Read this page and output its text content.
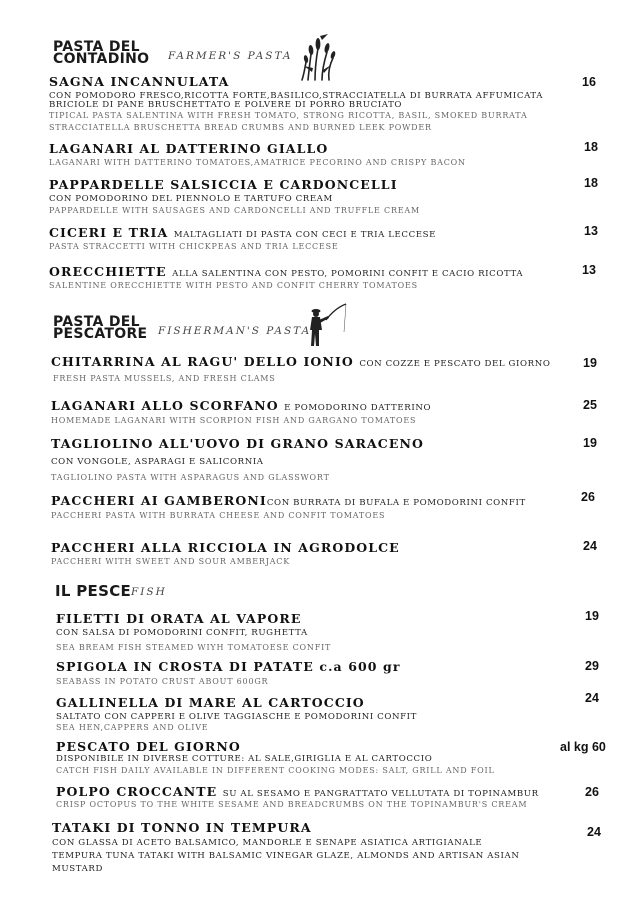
PASTA DEL
CONTADINO FARMER'S PASTA
SAGNA INCANNULATA
CON POMODORO FRESCO,RICOTTA FORTE,BASILICO,STRACCIATELLA DI BURRATA AFFUMICATA
BRICIOLE DI PANE BRUSCHETTATO E POLVERE DI PORRO BRUCIATO
TIPICAL PASTA SALENTINA WITH FRESH TOMATO, STRONG RICOTTA, BASIL, SMOKED BURRATA
STRACCIATELLA BRUSCHETTA BREAD CRUMBS AND BURNED LEEK POWDER
16
LAGANARI AL DATTERINO GIALLO
LAGANARI WITH DATTERINO TOMATOES,AMATRICE PECORINO AND CRISPY BACON
18
PAPPARDELLE SALSICCIA E CARDONCELLI
CON POMODORINO DEL PIENNOLO E TARTUFO CREAM
PAPPARDELLE WITH SAUSAGES AND CARDONCELLI AND TRUFFLE CREAM
18
CICERI E TRIA MALTAGLIATI DI PASTA CON CECI E TRIA LECCESE
PASTA STRACCETTI WITH CHICKPEAS AND TRIA LECCESE
13
ORECCHIETTE ALLA SALENTINA CON PESTO, POMORINI CONFIT E CACIO RICOTTA
SALENTINE ORECCHIETTE WITH PESTO AND CONFIT CHERRY TOMATOES
13
PASTA DEL
PESCATORE FISHERMAN'S PASTA
CHITARRINA AL RAGU' DELLO IONIO CON COZZE E PESCATO DEL GIORNO
FRESH PASTA MUSSELS, AND FRESH CLAMS
19
LAGANARI ALLO SCORFANO E POMODORINO DATTERINO
HOMEMADE LAGANARI WITH SCORPION FISH AND GARGANO TOMATOES
25
TAGLIOLINO ALL'UOVO DI GRANO SARACENO
CON VONGOLE, ASPARAGI E SALICORNIA
TAGLIOLINO PASTA WITH ASPARAGUS AND GLASSWORT
19
PACCHERI AI GAMBERONICON BURRATA DI BUFALA E POMODORINI CONFIT
PACCHERI PASTA WITH BURRATA CHEESE AND CONFIT TOMATOES
26
PACCHERI ALLA RICCIOLA IN AGRODOLCE
PACCHERI WITH SWEET AND SOUR AMBERJACK
24
IL PESCE FISH
FILETTI DI ORATA AL VAPORE
CON SALSA DI POMODORINI CONFIT, RUGHETTA
SEA BREAM FISH STEAMED WIYH TOMATOESE CONFIT
19
SPIGOLA IN CROSTA DI PATATE c.a 600 gr
SEABASS IN POTATO CRUST ABOUT 600GR
29
GALLINELLA DI MARE AL CARTOCCIO
SALTATO CON CAPPERI E OLIVE TAGGIASCHE E POMODORINI CONFIT
SEA HEN,CAPPERS AND OLIVE
24
PESCATO DEL GIORNO
DISPONIBILE IN DIVERSE COTTURE: AL SALE,GIRIGLIA E AL CARTOCCIO
CATCH FISH DAILY AVAILABLE IN DIFFERENT COOKING MODES: SALT, GRILL AND FOIL
al kg 60
POLPO CROCCANTE SU AL SESAMO E PANGRATTATO VELLUTATA DI TOPINAMBUR
CRISP OCTOPUS TO THE WHITE SESAME AND BREADCRUMBS ON THE TOPINAMBUR'S CREAM
26
TATAKI DI TONNO IN TEMPURA
CON GLASSA DI ACETO BALSAMICO, MANDORLE E SENAPE ASIATICA ARTIGIANALE
TEMPURA TUNA TATAKI WITH BALSAMIC VINEGAR GLAZE, ALMONDS AND ARTISAN ASIAN
MUSTARD
24
